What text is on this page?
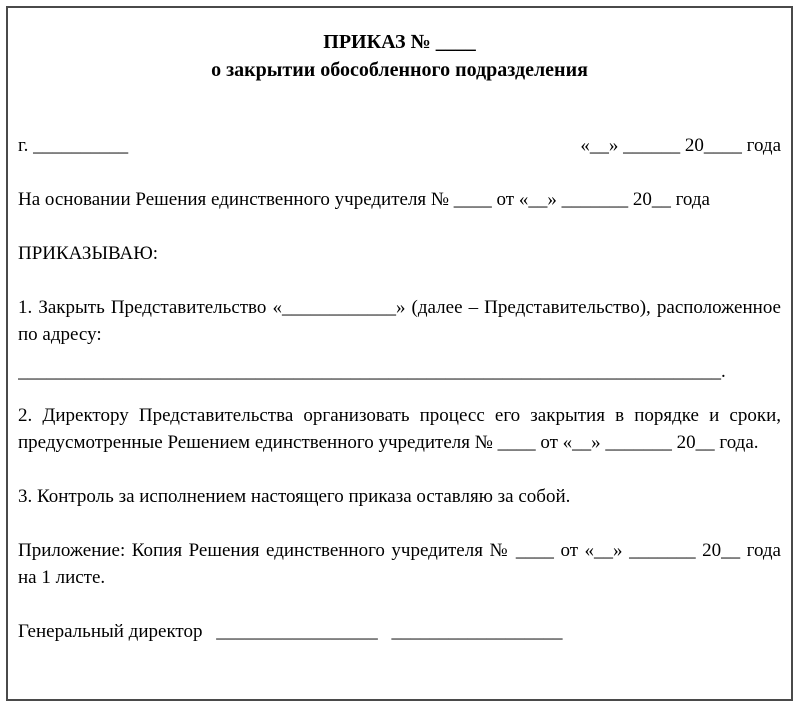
ПРИКАЗ № ____
о закрытии обособленного подразделения
г. __________	«__» ______ 20____ года

На основании Решения единственного учредителя № ____ от «__» _______ 20__ года

ПРИКАЗЫВАЮ:

1. Закрыть Представительство «____________» (далее – Представительство), расположенное по адресу:

__________________________________________________________________________.

2. Директору Представительства организовать процесс его закрытия в порядке и сроки, предусмотренные Решением единственного учредителя № ____ от «__» _______ 20__ года.

3. Контроль за исполнением настоящего приказа оставляю за собой.

Приложение: Копия Решения единственного учредителя № ____ от «__» _______ 20__ года на 1 листе.

Генеральный директор _________________ __________________
